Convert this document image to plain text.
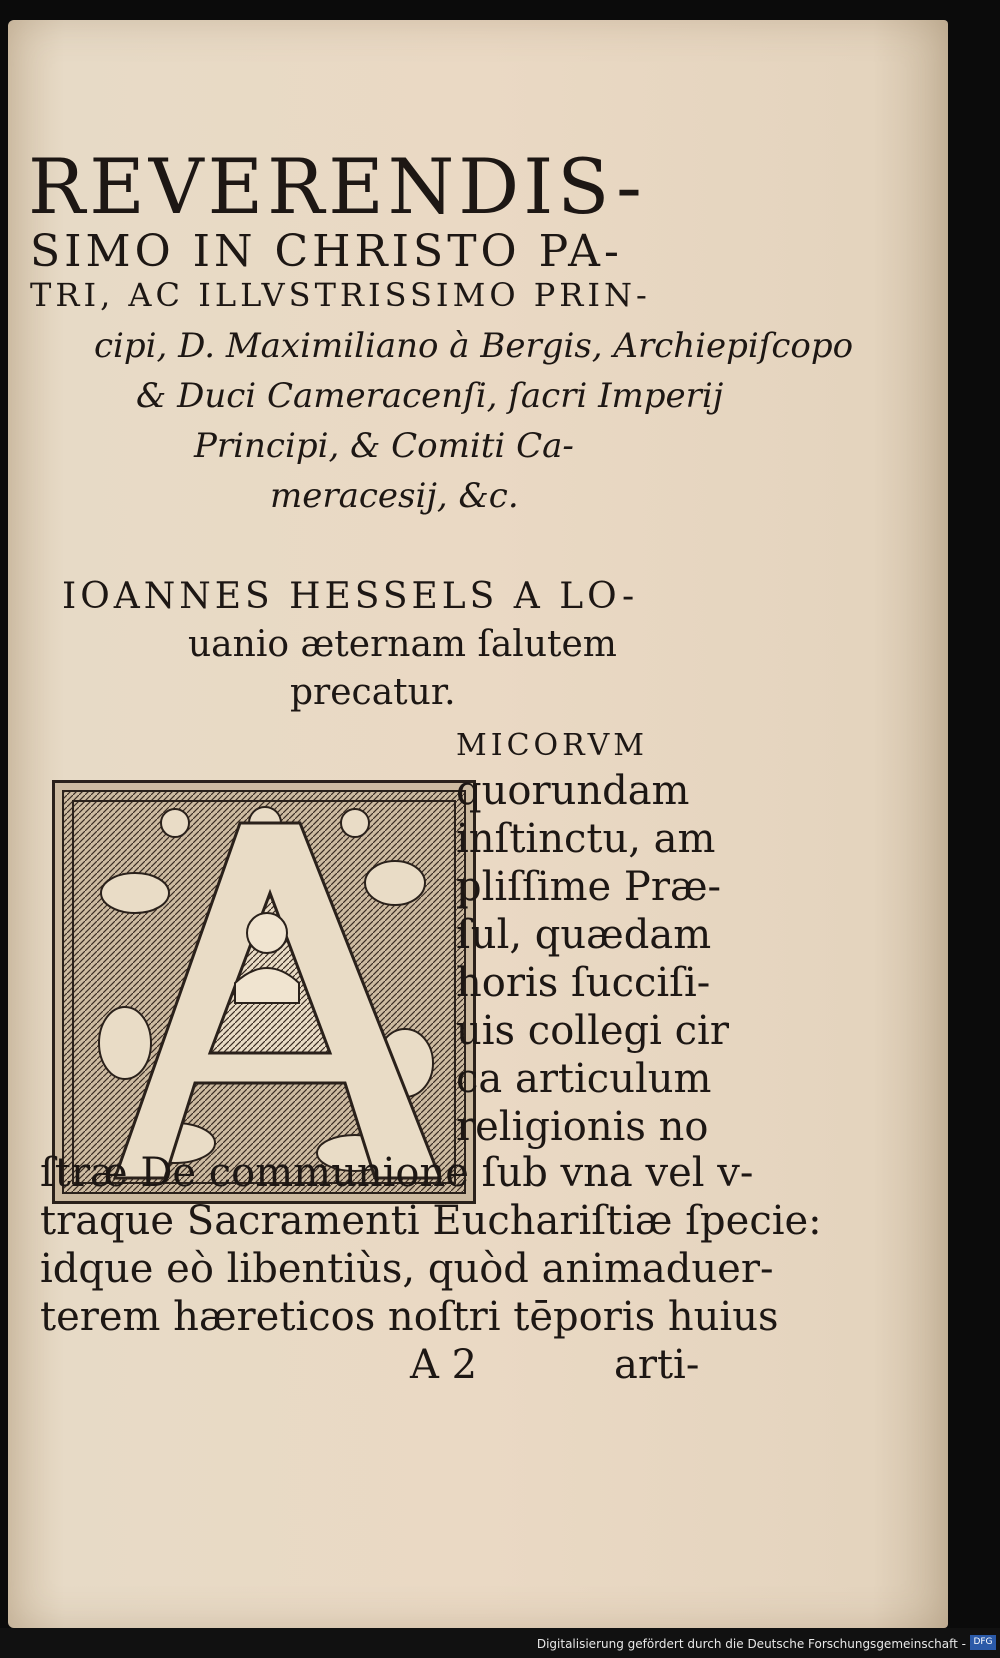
REVERENDIS-
SIMO IN CHRISTO PA-
TRI, AC ILLVSTRISSIMO PRIN-
cipi, D. Maximiliano à Bergis, Archiepiſcopo
& Duci Cameracenſi, ſacri Imperij
Principi, & Comiti Ca-
meracesij, &c.
IOANNES HESSELS A LO-
uanio æternam ſalutem
precatur.
MICORVM
quorundam
inſtinctu, am
pliſſime Præ-
ſul, quædam
horis ſucciſi-
uis collegi cir
ca articulum
religionis no
ſtræ De communione ſub vna vel v-
traque Sacramenti Euchariſtiæ ſpecie:
idque eò libentiùs, quòd animaduer-
terem hæreticos noſtri tēporis huius
A 2	arti-
Digitalisierung gefördert durch die Deutsche Forschungsgemeinschaft - DFG
